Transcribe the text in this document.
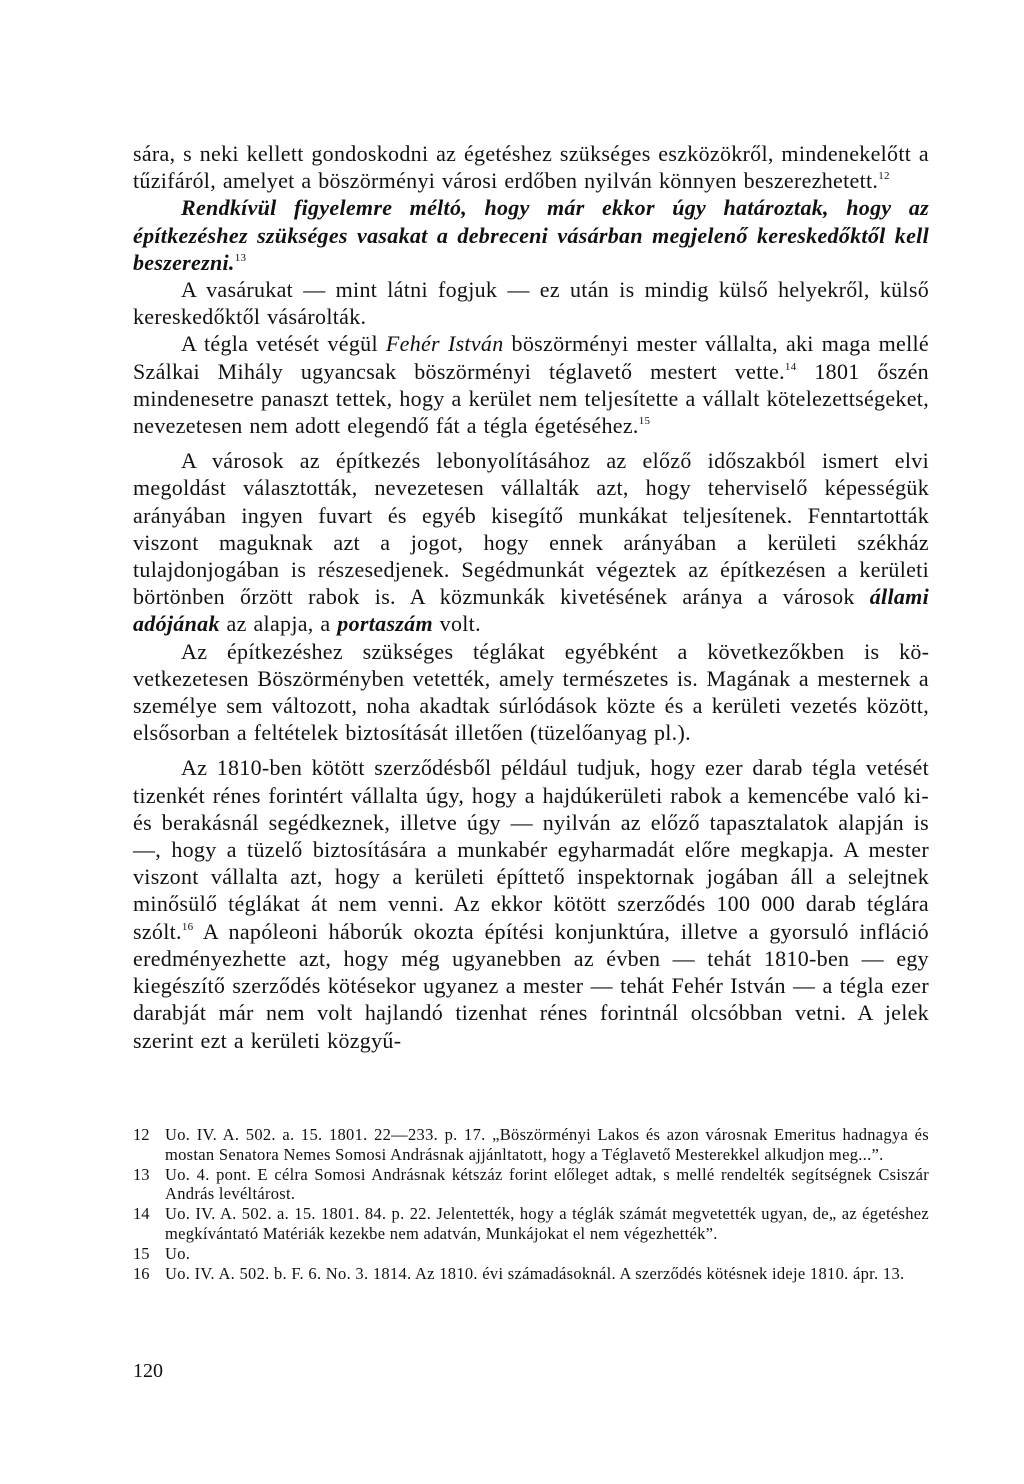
sára, s neki kellett gondoskodni az égetéshez szükséges eszközökről, mindenekelőtt a tűzifáról, amelyet a böszörményi városi erdőben nyilván könnyen beszerezhetett.$^{12}$

Rendkívül figyelemre méltó, hogy már ekkor úgy határoztak, hogy az építkezéshez szükséges vasakat a debreceni vásárban megjelenő kereskedőktől kell beszerezni.$^{13}$

A vasárukat — mint látni fogjuk — ez után is mindig külső helyekről, külső kereskedőktől vásárolták.

A tégla vetését végül Fehér István böszörményi mester vállalta, aki maga mellé Szálkai Mihály ugyancsak böszörményi téglavető mestert vette.$^{14}$ 1801 őszén mindenesetre panaszt tettek, hogy a kerület nem teljesítette a vállalt kötelezettségeket, nevezetesen nem adott elegendő fát a tégla égetéséhez.$^{15}$

A városok az építkezés lebonyolításához az előző időszakból ismert elvi megoldást választották, nevezetesen vállalták azt, hogy teherviselő képességük arányában ingyen fuvart és egyéb kisegítő munkákat teljesítenek. Fenntartották viszont maguknak azt a jogot, hogy ennek arányában a kerületi székház tulajdonjogában is részesedjenek. Segédmunkát végeztek az építkezésen a kerületi börtönben őrzött rabok is. A közmunkák kivetésének aránya a városok állami adójának az alapja, a portaszám volt.

Az építkezéshez szükséges téglákat egyébként a következőkben is következetesen Böszörményben vetették, amely természetes is. Magának a mesternek a személye sem változott, noha akadtak súrlódások közte és a kerületi vezetés között, elsősorban a feltételek biztosítását illetően (tüzelőanyag pl.).

Az 1810-ben kötött szerződésből például tudjuk, hogy ezer darab tégla vetését tizenkét rénes forintért vállalta úgy, hogy a hajdúkerületi rabok a kemencébe való ki- és berakásnál segédkeznek, illetve úgy — nyilván az előző tapasztalatok alapján is —, hogy a tüzelő biztosítására a munkabér egyharmadát előre megkapja. A mester viszont vállalta azt, hogy a kerületi építtető inspektornak jogában áll a selejtnek minősülő téglákat át nem venni. Az ekkor kötött szerződés 100 000 darab téglára szólt.$^{16}$ A napóleoni háborúk okozta építési konjunktúra, illetve a gyorsuló infláció eredményezhette azt, hogy még ugyanebben az évben — tehát 1810-ben — egy kiegészítő szerződés kötésekor ugyanez a mester — tehát Fehér István — a tégla ezer darabját már nem volt hajlandó tizenhat rénes forintnál olcsóbban vetni. A jelek szerint ezt a kerületi közgyű-

12 Uo. IV. A. 502. a. 15. 1801. 22—233. p. 17. „Böszörményi Lakos és azon városnak Emeritus hadnagya és mostan Senatora Nemes Somosi Andrásnak ajjánltatott, hogy a Téglavető Mesterekkel alkudjon meg...”.
13 Uo. 4. pont. E célra Somosi Andrásnak kétszáz forint előleget adtak, s mellé rendelték segítségnek Csiszár András levéltárost.
14 Uo. IV. A. 502. a. 15. 1801. 84. p. 22. Jelentették, hogy a téglák számát megvetették ugyan, de„ az égetéshez megkívántató Matériák kezekbe nem adatván, Munkájokat el nem végezhették”.
15 Uo.
16 Uo. IV. A. 502. b. F. 6. No. 3. 1814. Az 1810. évi számadásoknál. A szerződés kötésnek ideje 1810. ápr. 13.
120
